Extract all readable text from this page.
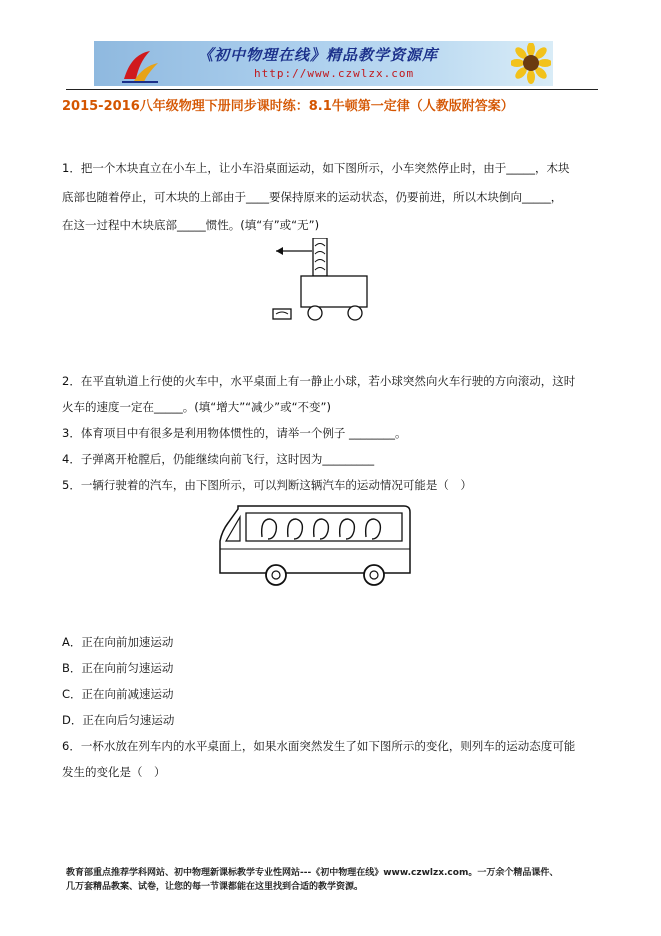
《初中物理在线》精品教学资源库
http://www.czwlzx.com
2015-2016八年级物理下册同步课时练：8.1牛顿第一定律（人教版附答案）
1．把一个木块直立在小车上，让小车沿桌面运动，如下图所示，小车突然停止时，由于_____，木块
底部也随着停止，可木块的上部由于____要保持原来的运动状态，仍要前进，所以木块倒向_____，
在这一过程中木块底部_____惯性。(填“有”或“无”)
2．在平直轨道上行使的火车中，水平桌面上有一静止小球，若小球突然向火车行驶的方向滚动，这时
火车的速度一定在_____。(填“增大”“减少”或“不变”)
3．体育项目中有很多是利用物体惯性的，请举一个例子 ________。
4．子弹离开枪膛后，仍能继续向前飞行，这时因为_________
5．一辆行驶着的汽车，由下图所示，可以判断这辆汽车的运动情况可能是（　）
A．正在向前加速运动
B．正在向前匀速运动
C．正在向前减速运动
D．正在向后匀速运动
6．一杯水放在列车内的水平桌面上，如果水面突然发生了如下图所示的变化，则列车的运动态度可能
发生的变化是（　）
教育部重点推荐学科网站、初中物理新课标教学专业性网站---《初中物理在线》www.czwlzx.com。一万余个精品课件、
几万套精品教案、试卷，让您的每一节课都能在这里找到合适的教学资源。
